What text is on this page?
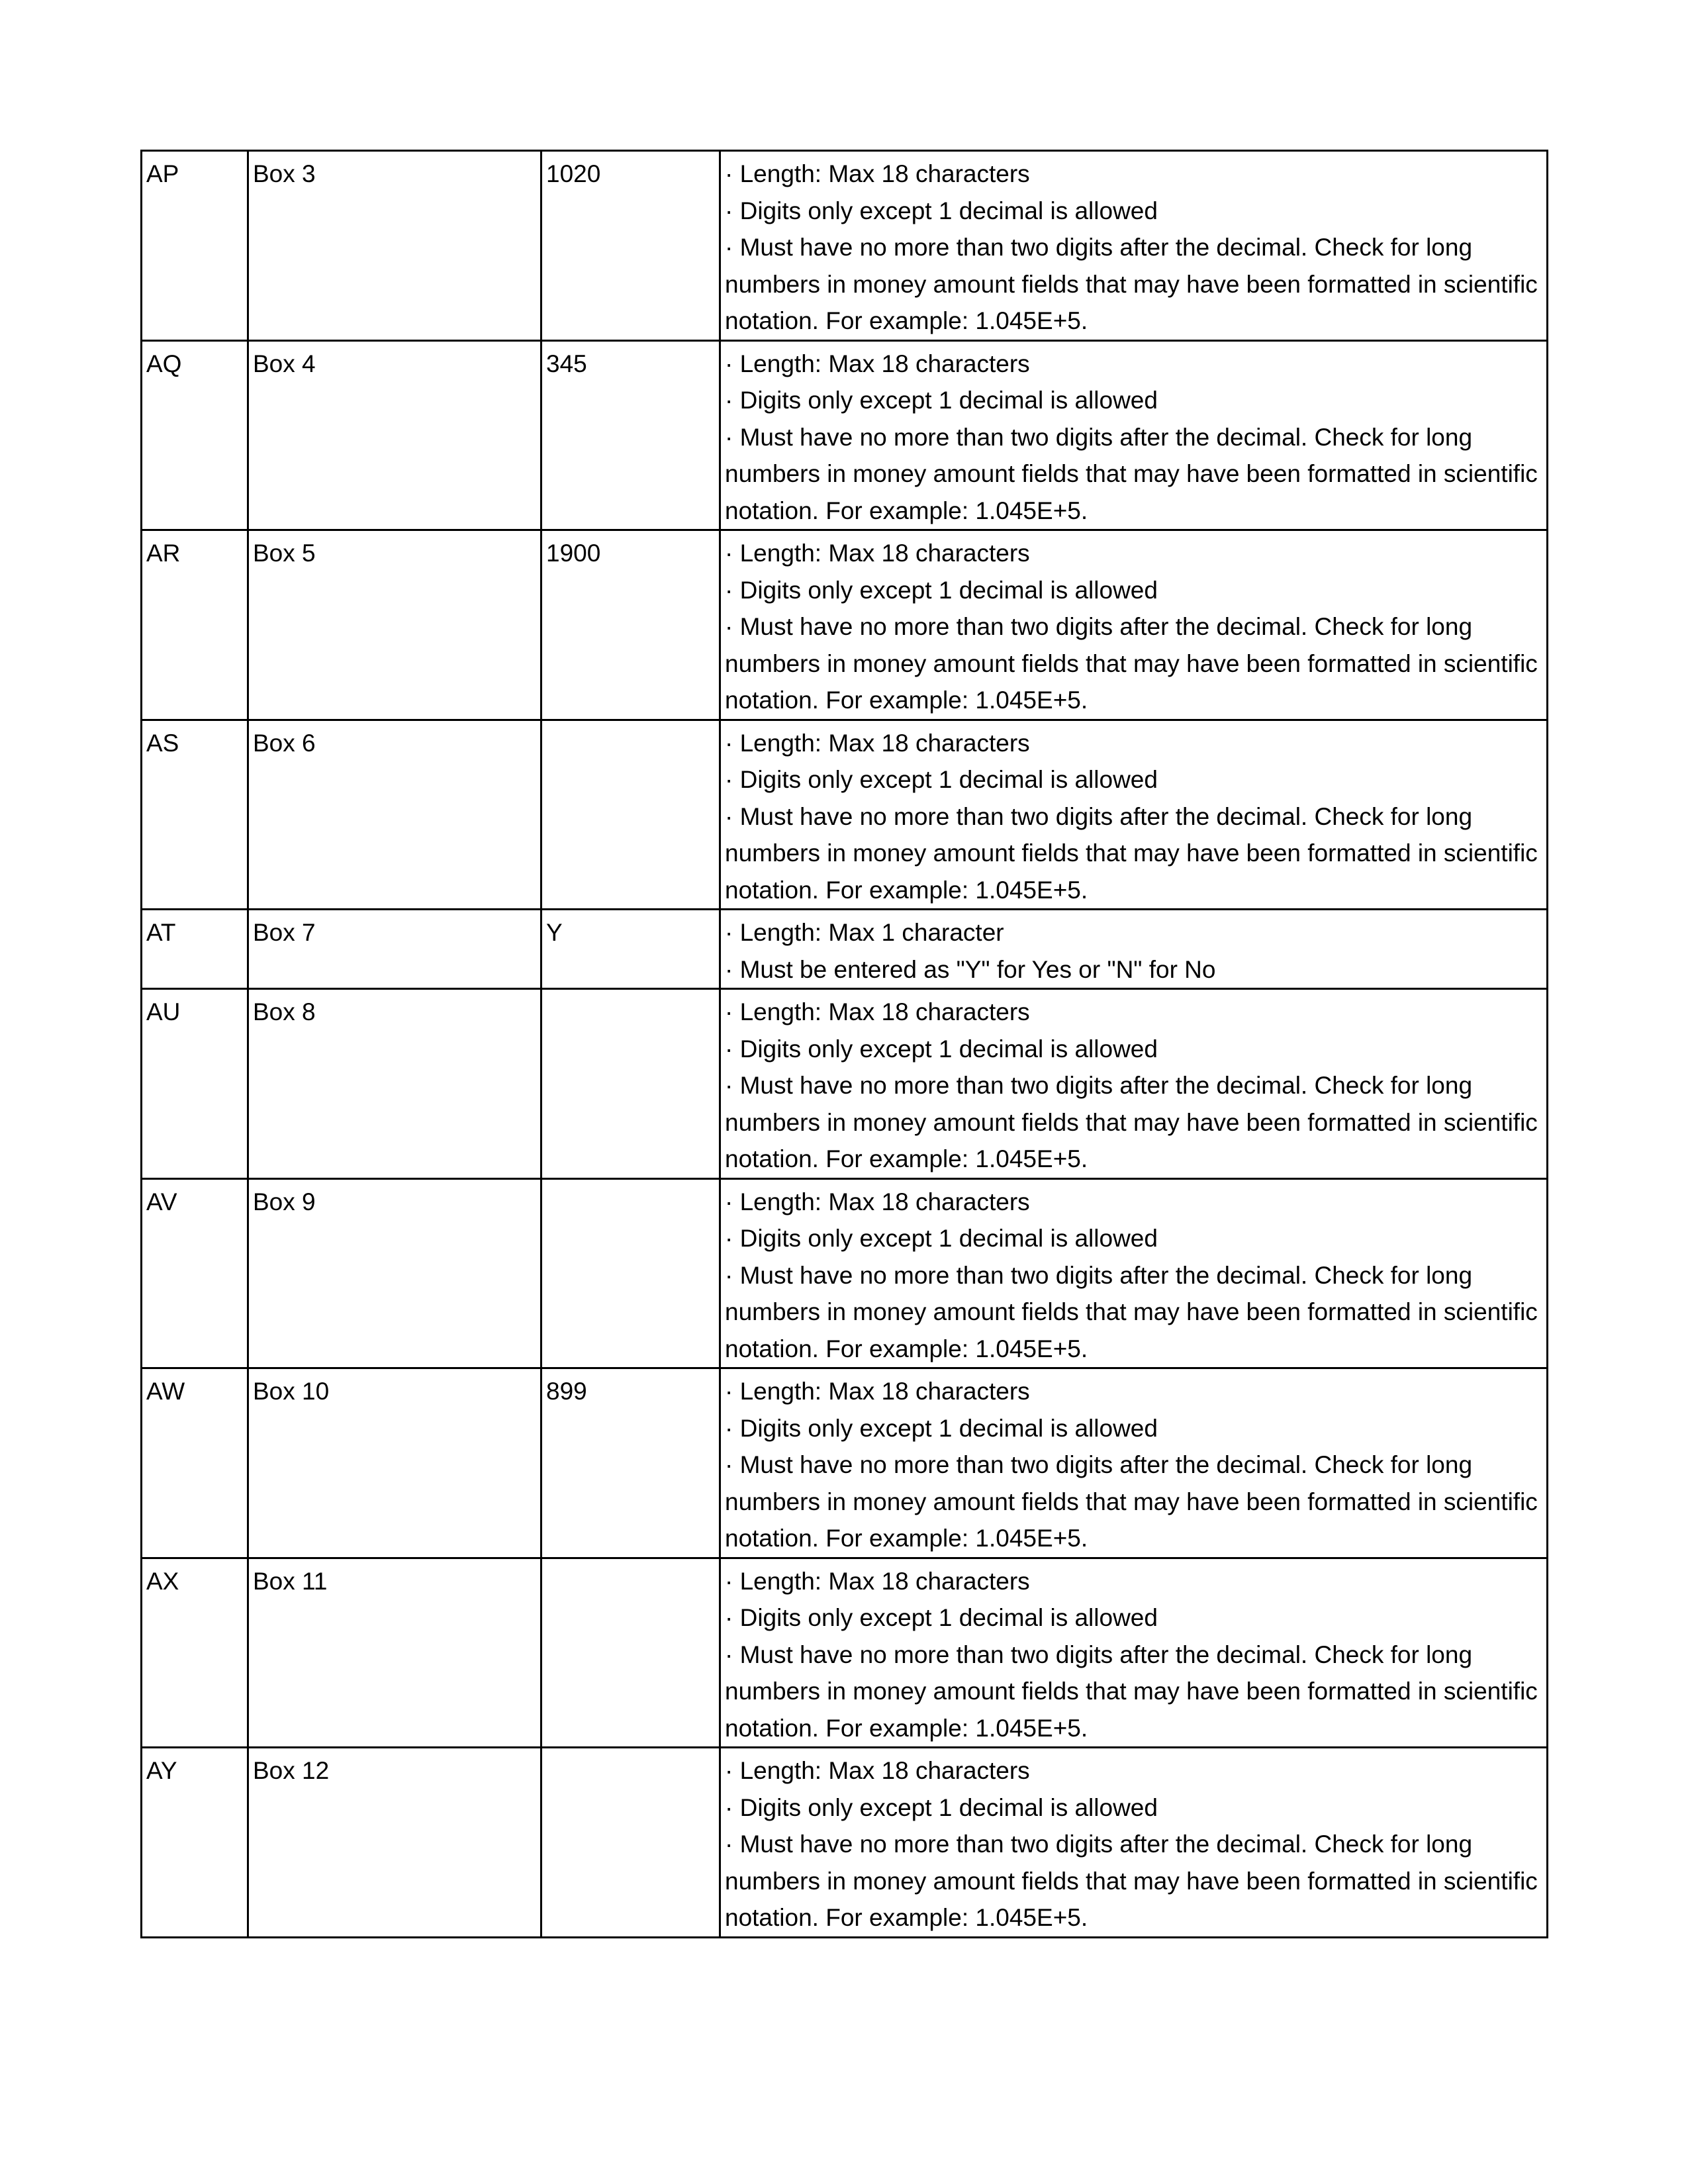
AP	Box 3	1020	· Length: Max 18 characters
· Digits only except 1 decimal is allowed
· Must have no more than two digits after the decimal. Check for long numbers in money amount fields that may have been formatted in scientific notation. For example: 1.045E+5.

AQ	Box 4	345	· Length: Max 18 characters
· Digits only except 1 decimal is allowed
· Must have no more than two digits after the decimal. Check for long numbers in money amount fields that may have been formatted in scientific notation. For example: 1.045E+5.

AR	Box 5	1900	· Length: Max 18 characters
· Digits only except 1 decimal is allowed
· Must have no more than two digits after the decimal. Check for long numbers in money amount fields that may have been formatted in scientific notation. For example: 1.045E+5.

AS	Box 6		· Length: Max 18 characters
· Digits only except 1 decimal is allowed
· Must have no more than two digits after the decimal. Check for long numbers in money amount fields that may have been formatted in scientific notation. For example: 1.045E+5.

AT	Box 7	Y	· Length: Max 1 character
· Must be entered as "Y" for Yes or "N" for No

AU	Box 8		· Length: Max 18 characters
· Digits only except 1 decimal is allowed
· Must have no more than two digits after the decimal. Check for long numbers in money amount fields that may have been formatted in scientific notation. For example: 1.045E+5.

AV	Box 9		· Length: Max 18 characters
· Digits only except 1 decimal is allowed
· Must have no more than two digits after the decimal. Check for long numbers in money amount fields that may have been formatted in scientific notation. For example: 1.045E+5.

AW	Box 10	899	· Length: Max 18 characters
· Digits only except 1 decimal is allowed
· Must have no more than two digits after the decimal. Check for long numbers in money amount fields that may have been formatted in scientific notation. For example: 1.045E+5.

AX	Box 11		· Length: Max 18 characters
· Digits only except 1 decimal is allowed
· Must have no more than two digits after the decimal. Check for long numbers in money amount fields that may have been formatted in scientific notation. For example: 1.045E+5.

AY	Box 12		· Length: Max 18 characters
· Digits only except 1 decimal is allowed
· Must have no more than two digits after the decimal. Check for long numbers in money amount fields that may have been formatted in scientific notation. For example: 1.045E+5.
